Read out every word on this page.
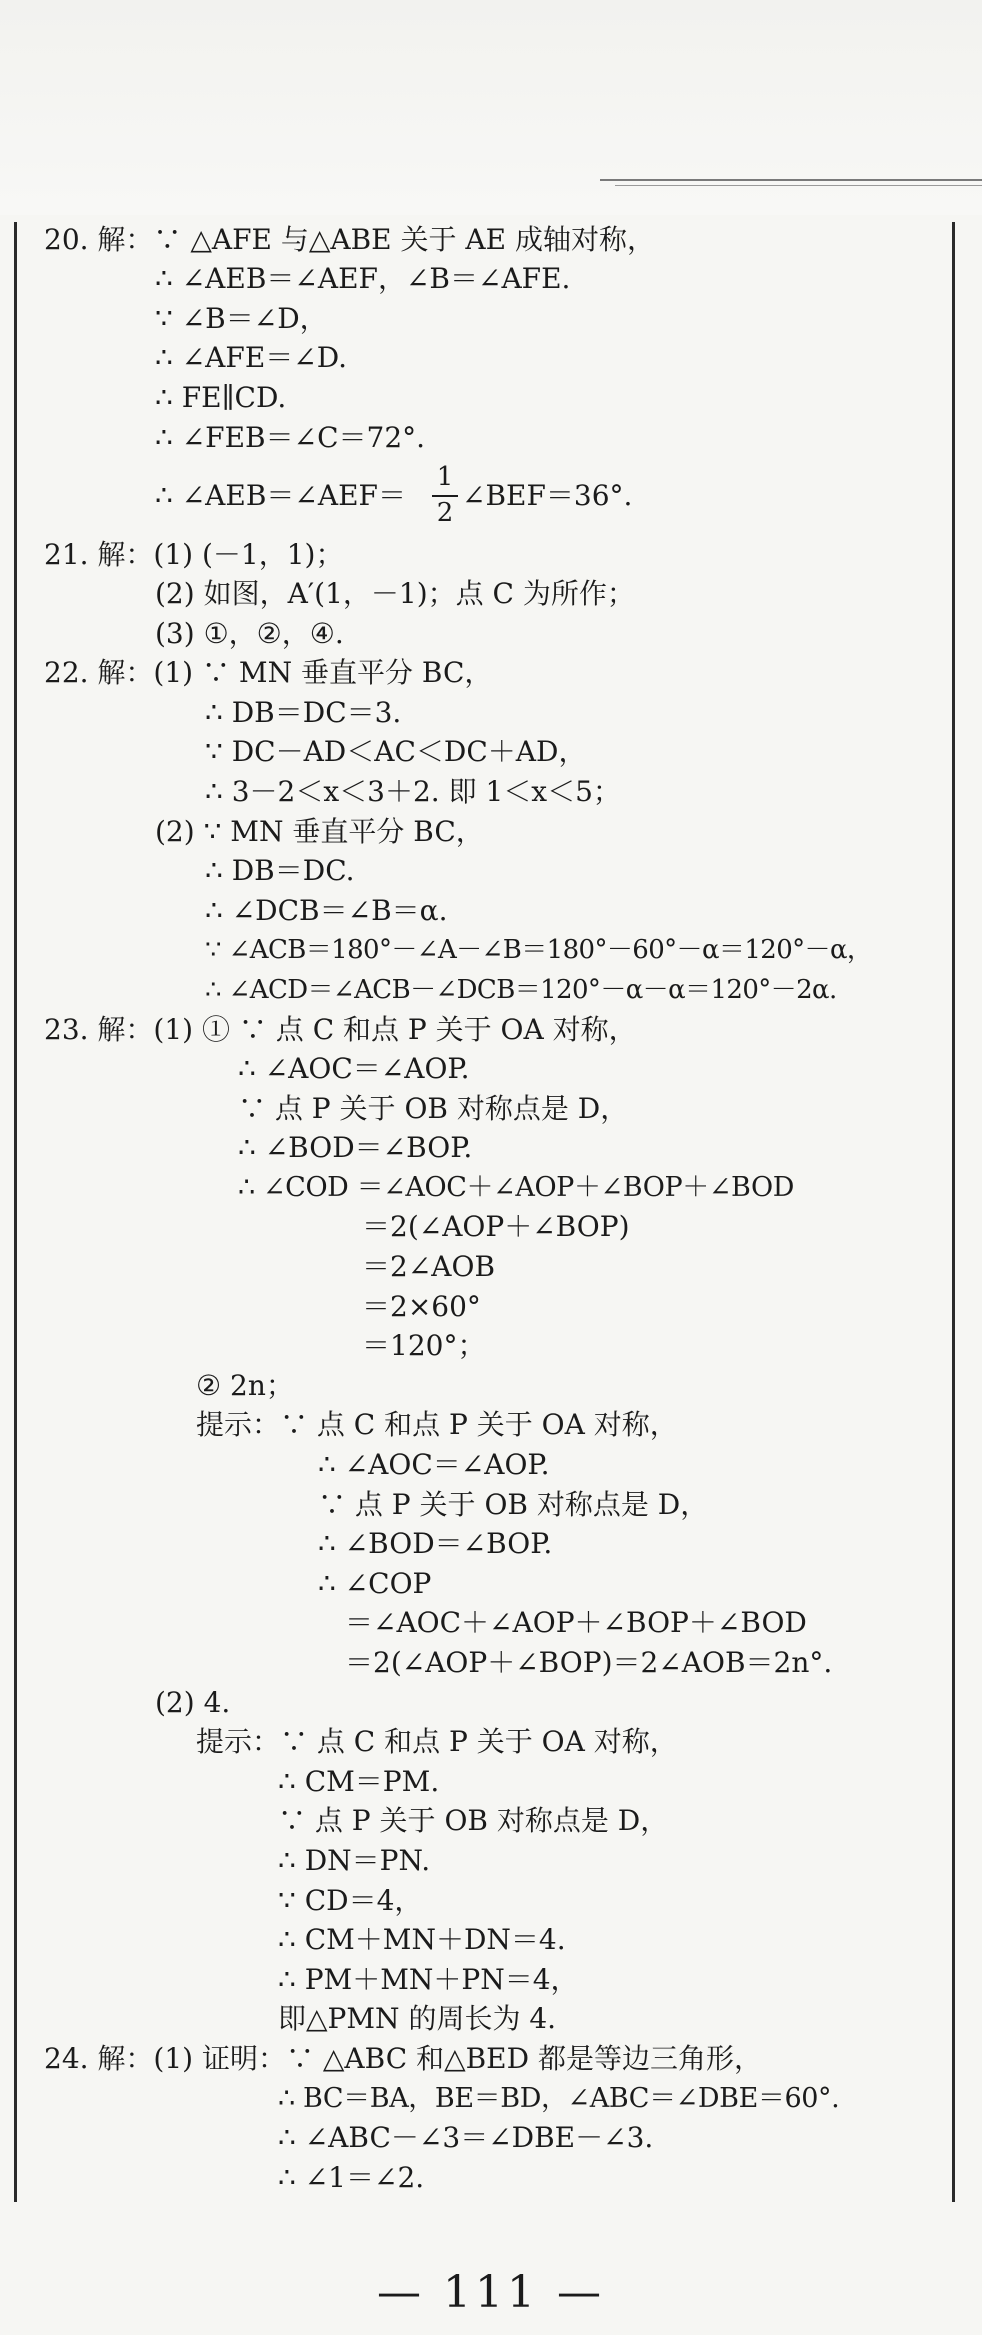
20. 解：∵ △AFE 与△ABE 关于 AE 成轴对称，
∴ ∠AEB＝∠AEF，∠B＝∠AFE.
∵ ∠B＝∠D，
∴ ∠AFE＝∠D.
∴ FE∥CD.
∴ ∠FEB＝∠C＝72°.
∴ ∠AEB＝∠AEF＝
1
2
∠BEF＝36°.
21. 解：(1) (－1，1)；
(2) 如图，A′(1，－1)；点 C 为所作；
(3) ①，②，④.
22. 解：(1) ∵ MN 垂直平分 BC，
∴ DB＝DC＝3.
∵ DC－AD＜AC＜DC＋AD，
∴ 3－2＜x＜3＋2. 即 1＜x＜5；
(2) ∵ MN 垂直平分 BC，
∴ DB＝DC.
∴ ∠DCB＝∠B＝α.
∵ ∠ACB＝180°－∠A－∠B＝180°－60°－α＝120°－α，
∴ ∠ACD＝∠ACB－∠DCB＝120°－α－α＝120°－2α.
23. 解：(1) ① ∵ 点 C 和点 P 关于 OA 对称，
∴ ∠AOC＝∠AOP.
∵ 点 P 关于 OB 对称点是 D，
∴ ∠BOD＝∠BOP.
∴ ∠COD ＝∠AOC＋∠AOP＋∠BOP＋∠BOD
＝2(∠AOP＋∠BOP)
＝2∠AOB
＝2×60°
＝120°；
② 2n；
提示：∵ 点 C 和点 P 关于 OA 对称，
∴ ∠AOC＝∠AOP.
∵ 点 P 关于 OB 对称点是 D，
∴ ∠BOD＝∠BOP.
∴ ∠COP
＝∠AOC＋∠AOP＋∠BOP＋∠BOD
＝2(∠AOP＋∠BOP)＝2∠AOB＝2n°.
(2) 4.
提示：∵ 点 C 和点 P 关于 OA 对称，
∴ CM＝PM.
∵ 点 P 关于 OB 对称点是 D，
∴ DN＝PN.
∵ CD＝4，
∴ CM＋MN＋DN＝4.
∴ PM＋MN＋PN＝4，
即△PMN 的周长为 4.
24. 解：(1) 证明：∵ △ABC 和△BED 都是等边三角形，
∴ BC＝BA，BE＝BD，∠ABC＝∠DBE＝60°.
∴ ∠ABC－∠3＝∠DBE－∠3.
∴ ∠1＝∠2.
— 111 —
